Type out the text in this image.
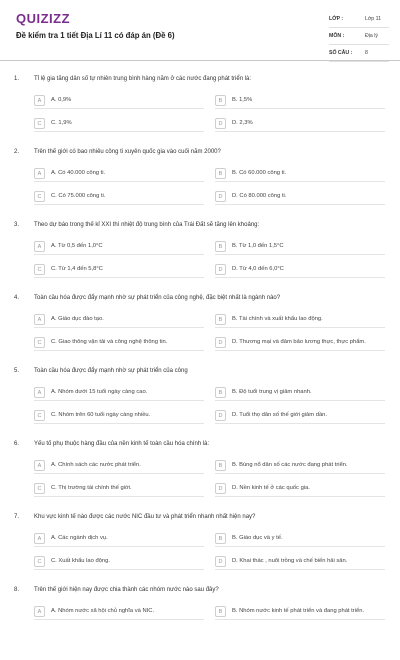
QUIZIZZ
Đề kiểm tra 1 tiết Địa Lí 11 có đáp án (Đề 6)
LỚP :	Lớp 11
MÔN :	Địa lý
SỐ CÂU : 8
1. Tỉ lệ gia tăng dân số tự nhiên trung bình hàng năm ở các nước đang phát triển là:
A	A. 0,9%	B	B. 1,5%
C	C. 1,9%	D	D. 2,3%
2. Trên thế giới có bao nhiêu công ti xuyên quốc gia vào cuối năm 2000?
A	A. Có 40.000 công ti.	B	B. Có 60.000 công ti.
C	C. Có 75.000 công ti.	D	D. Có 80.000 công ti.
3. Theo dự báo trong thế kỉ XXI thì nhiệt độ trung bình của Trái Đất sẽ tăng lên khoảng:
A	A. Từ 0,5 đến 1,0°C	B	B. Từ 1,0 đến 1,5°C
C	C. Từ 1,4 đến 5,8°C	D	D. Từ 4,0 đến 6,0°C
4. Toàn cầu hóa được đẩy mạnh nhờ sự phát triển của công nghệ, đặc biệt nhất là ngành nào?
A	A. Giáo dục đào tạo.	B	B. Tài chính và xuất khẩu lao động.
C	C. Giao thông vận tải và công nghệ thông tin.	D	D. Thương mại và đảm bảo lương thực, thực phẩm.
5. Toàn cầu hóa được đẩy mạnh nhờ sự phát triển của công
A	A. Nhóm dưới 15 tuổi ngày càng cao.	B	B. Độ tuổi trung vị giảm nhanh.
C	C. Nhóm trên 60 tuổi ngày càng nhiều.	D	D. Tuổi thọ dân số thế giới giảm dần.
6. Yếu tố phụ thuộc hàng đầu của nền kinh tế toàn cầu hóa chính là:
A	A. Chính sách các nước phát triển.	B	B. Bùng nổ dân số các nước đang phát triển.
C	C. Thị trường tài chính thế giới.	D	D. Nền kinh tế ở các quốc gia.
7. Khu vực kinh tế nào được các nước NIC đầu tư và phát triển nhanh nhất hiện nay?
A	A. Các ngành dịch vụ.	B	B. Giáo dục và y tế.
C	C. Xuất khẩu lao động.	D	D. Khai thác , nuôi trồng và chế biến hải sản.
8. Trên thế giới hiện nay được chia thành các nhóm nước nào sau đây?
A	A. Nhóm nước xã hội chủ nghĩa và NIC.	B	B. Nhóm nước kinh tế phát triển và đang phát triển.
